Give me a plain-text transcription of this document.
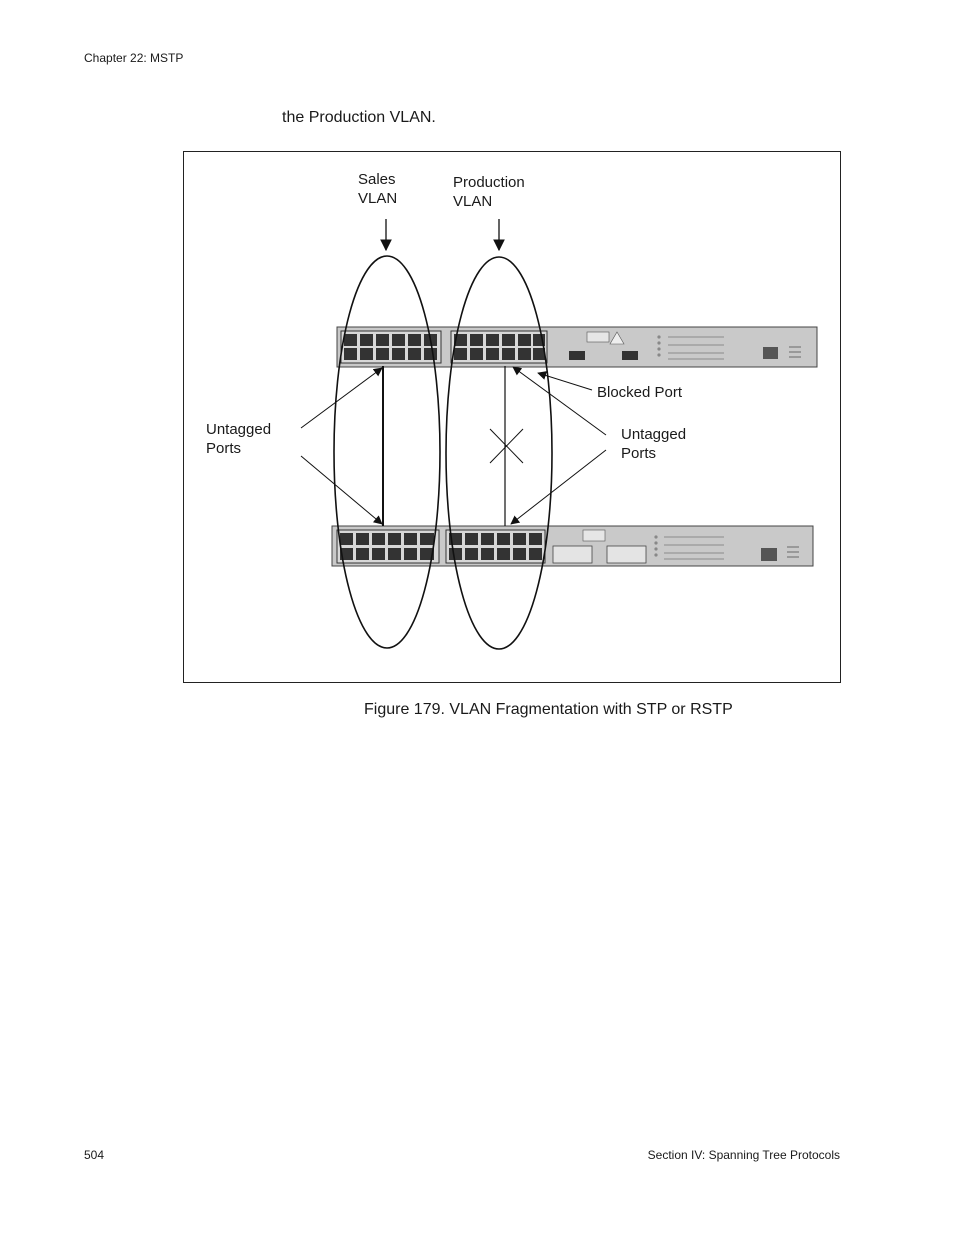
Chapter 22: MSTP
the Production VLAN.
Sales
VLAN
Production
VLAN
Blocked Port
Untagged
Ports
Untagged
Ports
Figure 179. VLAN Fragmentation with STP or RSTP
504	Section IV: Spanning Tree Protocols
